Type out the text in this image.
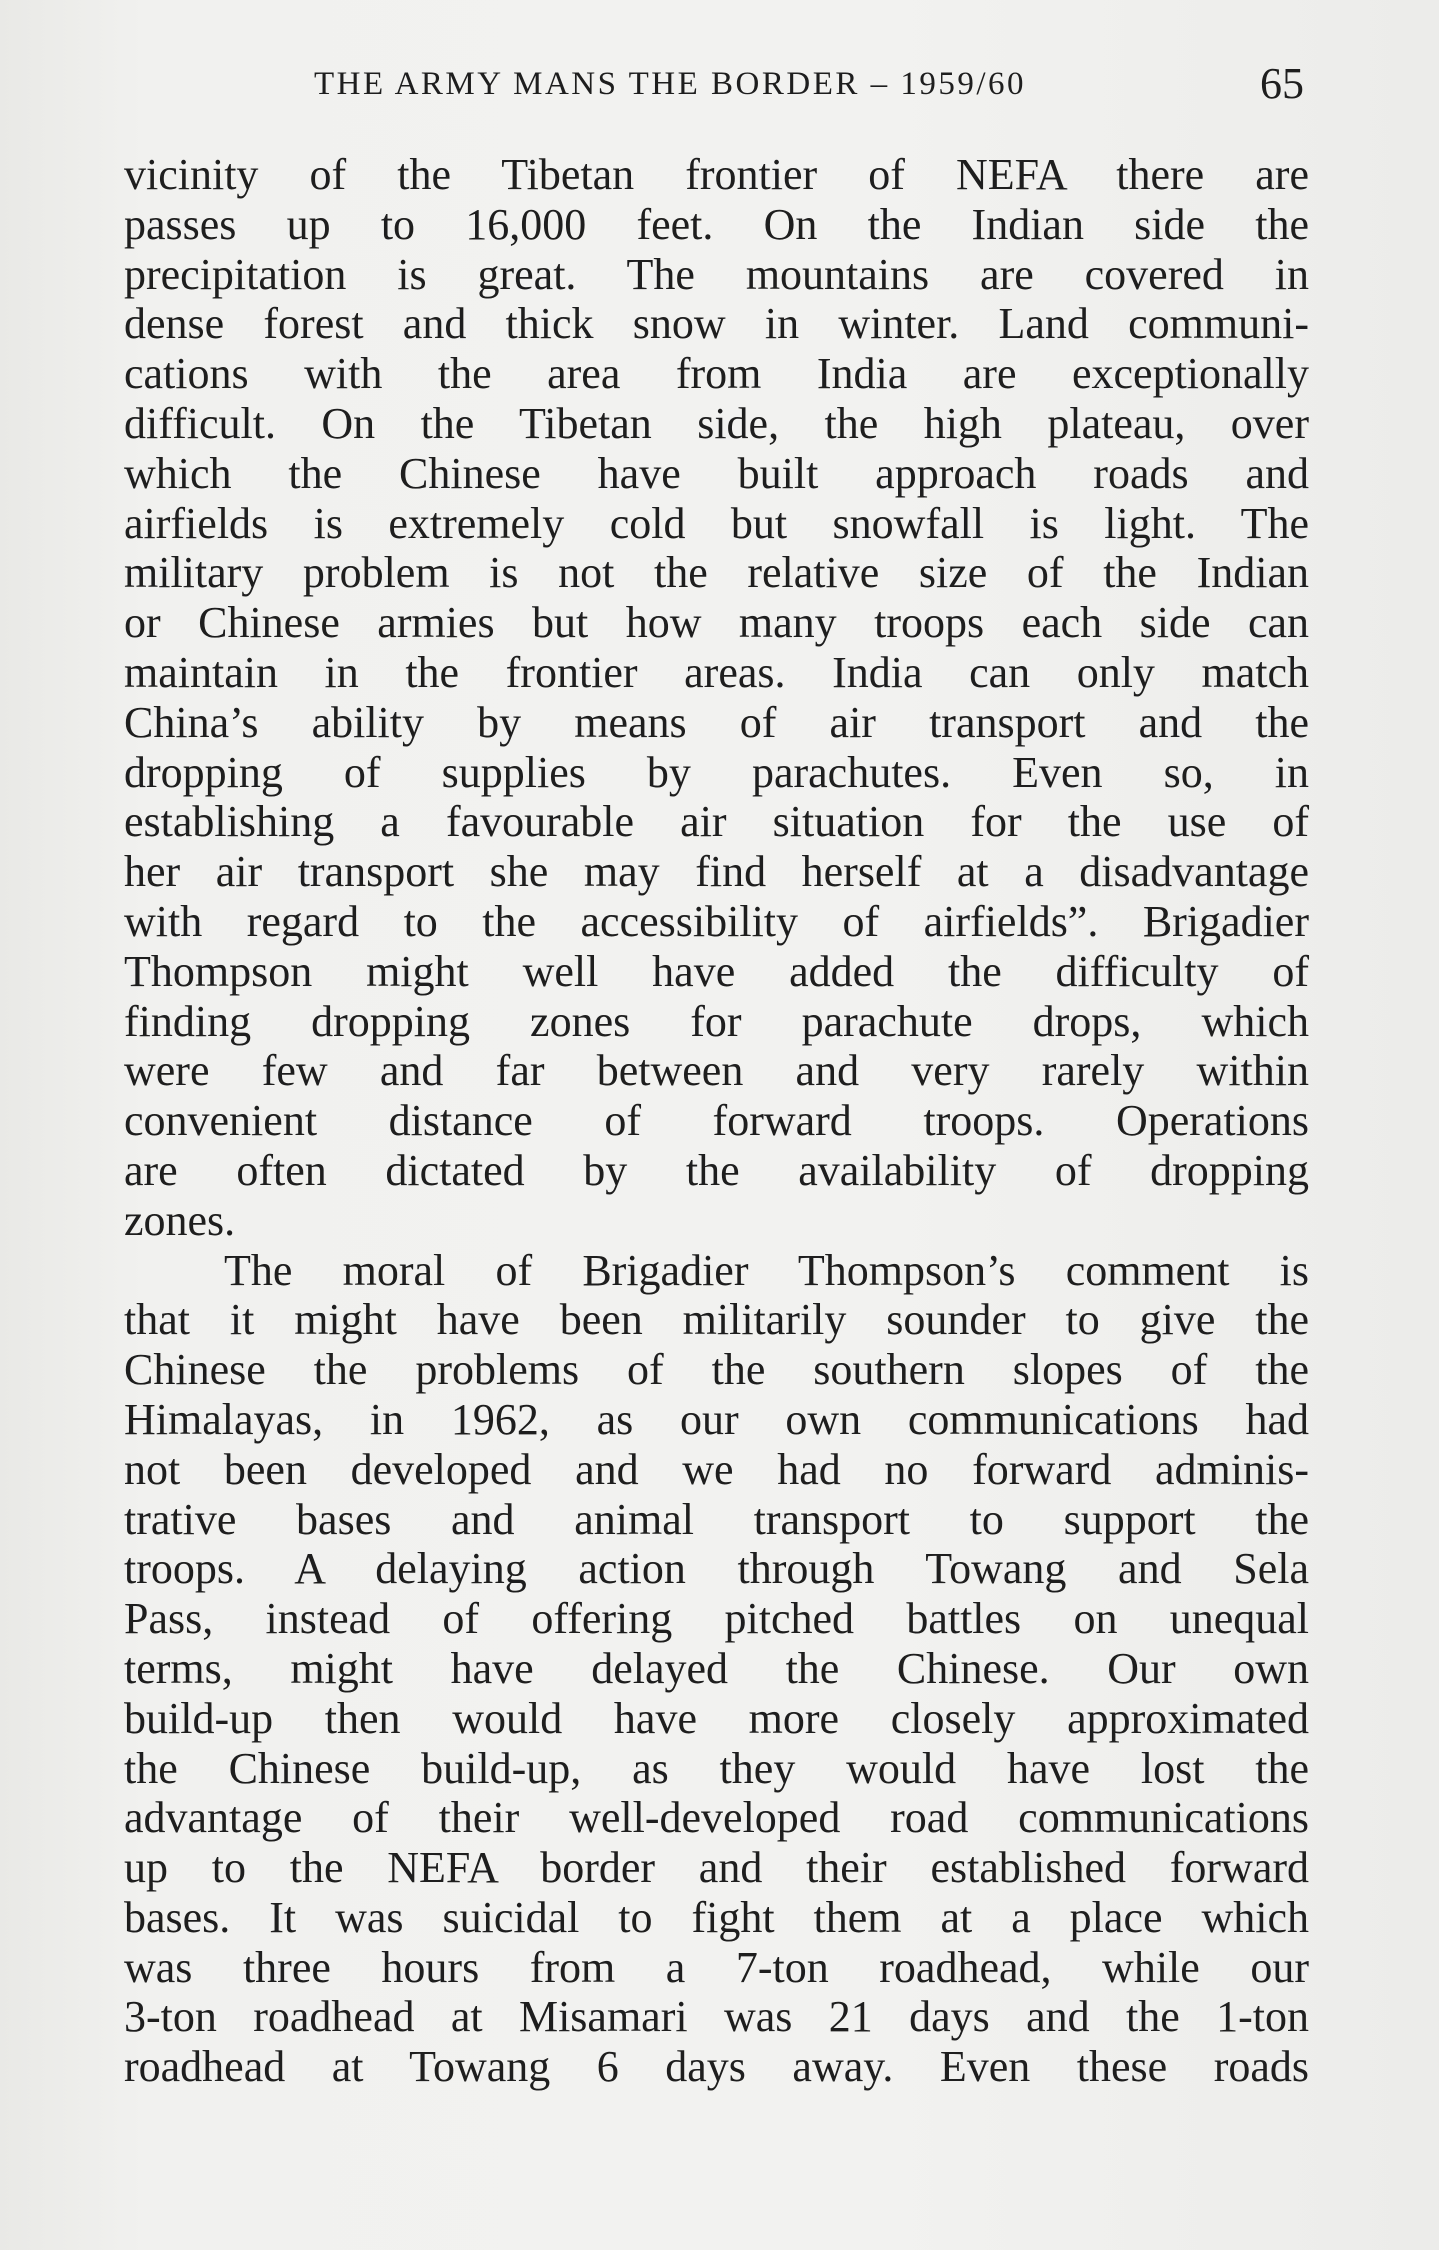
THE ARMY MANS THE BORDER – 1959/60	65
vicinity of the Tibetan frontier of NEFA there are
passes up to 16,000 feet. On the Indian side the
precipitation is great. The mountains are covered in
dense forest and thick snow in winter. Land communi-
cations with the area from India are exceptionally
difficult. On the Tibetan side, the high plateau, over
which the Chinese have built approach roads and
airfields is extremely cold but snowfall is light. The
military problem is not the relative size of the Indian
or Chinese armies but how many troops each side can
maintain in the frontier areas. India can only match
China’s ability by means of air transport and the
dropping of supplies by parachutes. Even so, in
establishing a favourable air situation for the use of
her air transport she may find herself at a disadvantage
with regard to the accessibility of airfields”. Brigadier
Thompson might well have added the difficulty of
finding dropping zones for parachute drops, which
were few and far between and very rarely within
convenient distance of forward troops. Operations
are often dictated by the availability of dropping
zones.
The moral of Brigadier Thompson’s comment is
that it might have been militarily sounder to give the
Chinese the problems of the southern slopes of the
Himalayas, in 1962, as our own communications had
not been developed and we had no forward adminis-
trative bases and animal transport to support the
troops. A delaying action through Towang and Sela
Pass, instead of offering pitched battles on unequal
terms, might have delayed the Chinese. Our own
build-up then would have more closely approximated
the Chinese build-up, as they would have lost the
advantage of their well-developed road communications
up to the NEFA border and their established forward
bases. It was suicidal to fight them at a place which
was three hours from a 7-ton roadhead, while our
3-ton roadhead at Misamari was 21 days and the 1-ton
roadhead at Towang 6 days away. Even these roads
